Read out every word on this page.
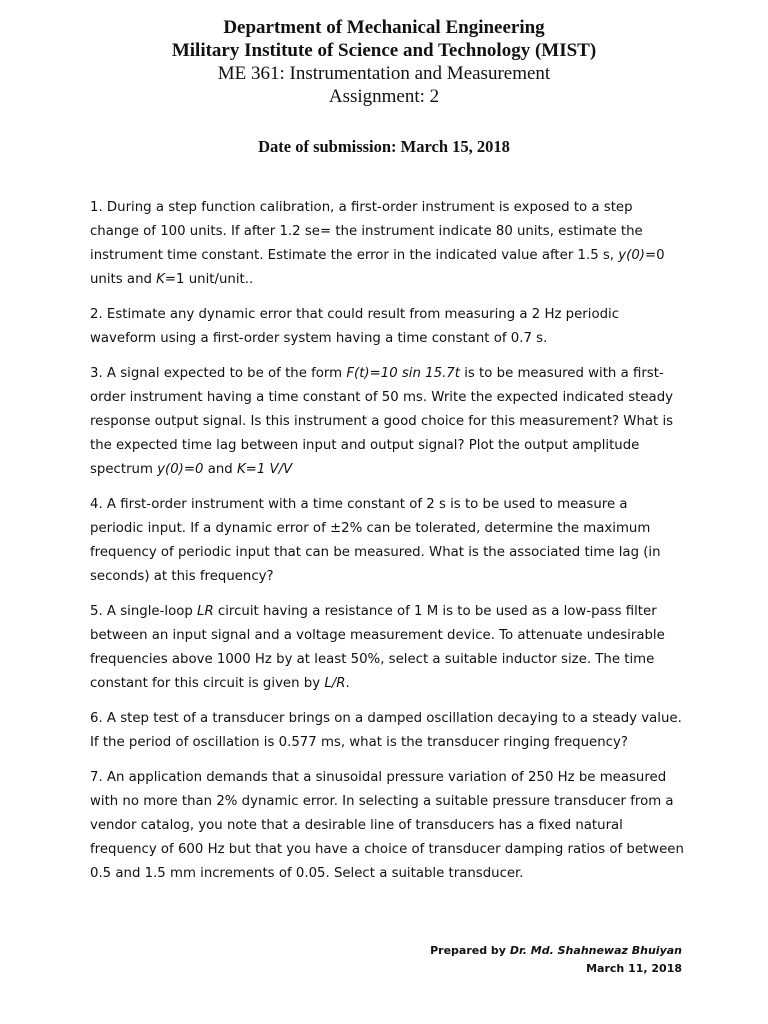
Department of Mechanical Engineering

Military Institute of Science and Technology (MIST)

ME 361: Instrumentation and Measurement

Assignment: 2

Date of submission: March 15, 2018

1. During a step function calibration, a first-order instrument is exposed to a step change of 100 units. If after 1.2 se= the instrument indicate 80 units, estimate the instrument time constant. Estimate the error in the indicated value after 1.5 s, y(0)=0 units and K=1 unit/unit..

2. Estimate any dynamic error that could result from measuring a 2 Hz periodic waveform using a first-order system having a time constant of 0.7 s.

3. A signal expected to be of the form F(t)=10 sin 15.7t is to be measured with a first-order instrument having a time constant of 50 ms. Write the expected indicated steady response output signal. Is this instrument a good choice for this measurement? What is the expected time lag between input and output signal? Plot the output amplitude spectrum y(0)=0 and K=1 V/V

4. A first-order instrument with a time constant of 2 s is to be used to measure a periodic input. If a dynamic error of ±2% can be tolerated, determine the maximum frequency of periodic input that can be measured. What is the associated time lag (in seconds) at this frequency?

5. A single-loop LR circuit having a resistance of 1 M is to be used as a low-pass filter between an input signal and a voltage measurement device. To attenuate undesirable frequencies above 1000 Hz by at least 50%, select a suitable inductor size. The time constant for this circuit is given by L/R.

6. A step test of a transducer brings on a damped oscillation decaying to a steady value. If the period of oscillation is 0.577 ms, what is the transducer ringing frequency?

7. An application demands that a sinusoidal pressure variation of 250 Hz be measured with no more than 2% dynamic error. In selecting a suitable pressure transducer from a vendor catalog, you note that a desirable line of transducers has a fixed natural frequency of 600 Hz but that you have a choice of transducer damping ratios of between 0.5 and 1.5 mm increments of 0.05. Select a suitable transducer.

Prepared by Dr. Md. Shahnewaz Bhuiyan
March 11, 2018
